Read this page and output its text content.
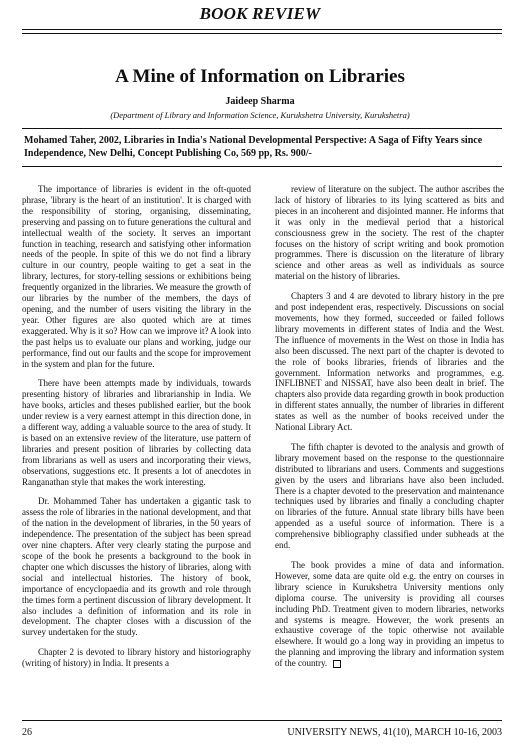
BOOK REVIEW
A Mine of Information on Libraries
Jaideep Sharma
(Department of Library and Information Science, Kurukshetra University, Kurukshetra)
Mohamed Taher, 2002, Libraries in India's National Developmental Perspective: A Saga of Fifty Years since Independence, New Delhi, Concept Publishing Co, 569 pp, Rs. 900/-

The importance of libraries is evident in the oft-quoted phrase, 'library is the heart of an institution'. It is charged with the responsibility of storing, organising, disseminating, preserving and passing on to future generations the cultural and intellectual wealth of the society. It serves an important function in teaching, research and satisfying other information needs of the people. In spite of this we do not find a library culture in our country, people waiting to get a seat in the library, lectures, for story-telling sessions or exhibitions being frequently organized in the libraries. We measure the growth of our libraries by the number of the members, the days of opening, and the number of users visiting the library in the year. Other figures are also quoted which are at times exaggerated. Why is it so? How can we improve it? A look into the past helps us to evaluate our plans and working, judge our performance, find out our faults and the scope for improvement in the system and plan for the future.

There have been attempts made by individuals, towards presenting history of libraries and librarianship in India. We have books, articles and theses published earlier, but the book under review is a very earnest attempt in this direction done, in a different way, adding a valuable source to the area of study. It is based on an extensive review of the literature, use pattern of libraries and present position of libraries by collecting data from librarians as well as users and incorporating their views, observations, suggestions etc. It presents a lot of anecdotes in Ranganathan style that makes the work interesting.

Dr. Mohammed Taher has undertaken a gigantic task to assess the role of libraries in the national development, and that of the nation in the development of libraries, in the 50 years of independence. The presentation of the subject has been spread over nine chapters. After very clearly stating the purpose and scope of the book he presents a background to the book in chapter one which discusses the history of libraries, along with social and intellectual histories. The history of book, importance of encyclopaedia and its growth and role through the times form a pertinent discussion of library development. It also includes a definition of information and its role in development. The chapter closes with a discussion of the survey undertaken for the study.

Chapter 2 is devoted to library history and historiography (writing of history) in India. It presents a

review of literature on the subject. The author ascribes the lack of history of libraries to its lying scattered as bits and pieces in an incoherent and disjointed manner. He informs that it was only in the medieval period that a historical consciousness grew in the society. The rest of the chapter focuses on the history of script writing and book promotion programmes. There is discussion on the literature of library science and other areas as well as individuals as source material on the history of libraries.

Chapters 3 and 4 are devoted to library history in the pre and post independent eras, respectively. Discussions on social movements, how they formed, succeeded or failed follows library movements in different states of India and the West. The influence of movements in the West on those in India has also been discussed. The next part of the chapter is devoted to the role of books libraries, friends of libraries and the government. Information networks and programmes, e.g. INFLIBNET and NISSAT, have also been dealt in brief. The chapters also provide data regarding growth in book production in different states annually, the number of libraries in different states as well as the number of books received under the National Library Act.

The fifth chapter is devoted to the analysis and growth of library movement based on the response to the questionnaire distributed to librarians and users. Comments and suggestions given by the users and librarians have also been included. There is a chapter devoted to the preservation and maintenance techniques used by libraries and finally a concluding chapter on libraries of the future. Annual state library bills have been appended as a useful source of information. There is a comprehensive bibliography classified under subheads at the end.

The book provides a mine of data and information. However, some data are quite old e.g. the entry on courses in library science in Kurukshetra University mentions only diploma course. The university is providing all courses including PhD. Treatment given to modern libraries, networks and systems is meagre. However, the work presents an exhaustive coverage of the topic otherwise not available elsewhere. It would go a long way in providing an impetus to the planning and improving the library and information system of the country.

26	UNIVERSITY NEWS, 41(10), MARCH 10-16, 2003
